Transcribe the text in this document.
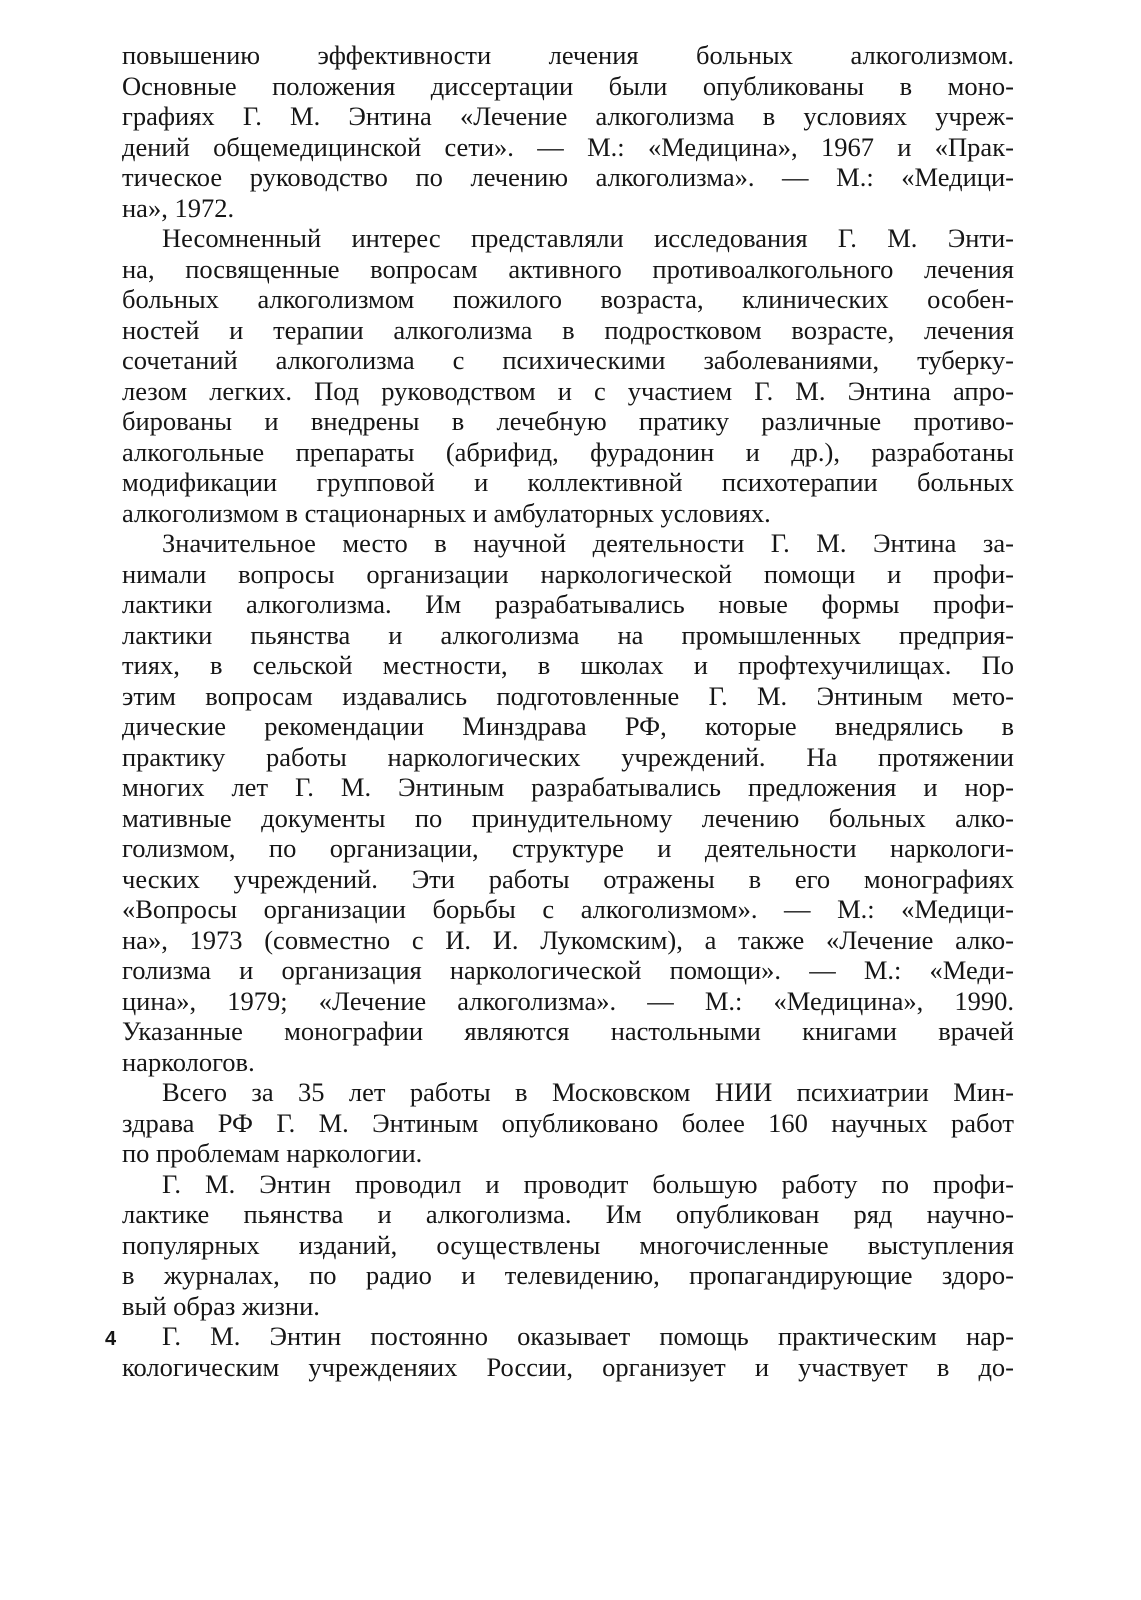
повышению эффективности лечения больных алкоголизмом.
Основные положения диссертации были опубликованы в моно-
графиях Г. М. Энтина «Лечение алкоголизма в условиях учреж-
дений общемедицинской сети». — М.: «Медицина», 1967 и «Прак-
тическое руководство по лечению алкоголизма». — М.: «Медици-
на», 1972.
Несомненный интерес представляли исследования Г. М. Энти-
на, посвященные вопросам активного противоалкогольного лечения
больных алкоголизмом пожилого возраста, клинических особен-
ностей и терапии алкоголизма в подростковом возрасте, лечения
сочетаний алкоголизма с психическими заболеваниями, туберку-
лезом легких. Под руководством и с участием Г. М. Энтина апро-
бированы и внедрены в лечебную пратику различные противо-
алкогольные препараты (абрифид, фурадонин и др.), разработаны
модификации групповой и коллективной психотерапии больных
алкоголизмом в стационарных и амбулаторных условиях.
Значительное место в научной деятельности Г. М. Энтина за-
нимали вопросы организации наркологической помощи и профи-
лактики алкоголизма. Им разрабатывались новые формы профи-
лактики пьянства и алкоголизма на промышленных предприя-
тиях, в сельской местности, в школах и профтехучилищах. По
этим вопросам издавались подготовленные Г. М. Энтиным мето-
дические рекомендации Минздрава РФ, которые внедрялись в
практику работы наркологических учреждений. На протяжении
многих лет Г. М. Энтиным разрабатывались предложения и нор-
мативные документы по принудительному лечению больных алко-
голизмом, по организации, структуре и деятельности наркологи-
ческих учреждений. Эти работы отражены в его монографиях
«Вопросы организации борьбы с алкоголизмом». — М.: «Медици-
на», 1973 (совместно с И. И. Лукомским), а также «Лечение алко-
голизма и организация наркологической помощи». — М.: «Меди-
цина», 1979; «Лечение алкоголизма». — М.: «Медицина», 1990.
Указанные монографии являются настольными книгами врачей
наркологов.
Всего за 35 лет работы в Московском НИИ психиатрии Мин-
здрава РФ Г. М. Энтиным опубликовано более 160 научных работ
по проблемам наркологии.
Г. М. Энтин проводил и проводит большую работу по профи-
лактике пьянства и алкоголизма. Им опубликован ряд научно-
популярных изданий, осуществлены многочисленные выступления
в журналах, по радио и телевидению, пропагандирующие здоро-
вый образ жизни.
Г. М. Энтин постоянно оказывает помощь практическим нар-
кологическим учрежденяих России, организует и участвует в до-
4
